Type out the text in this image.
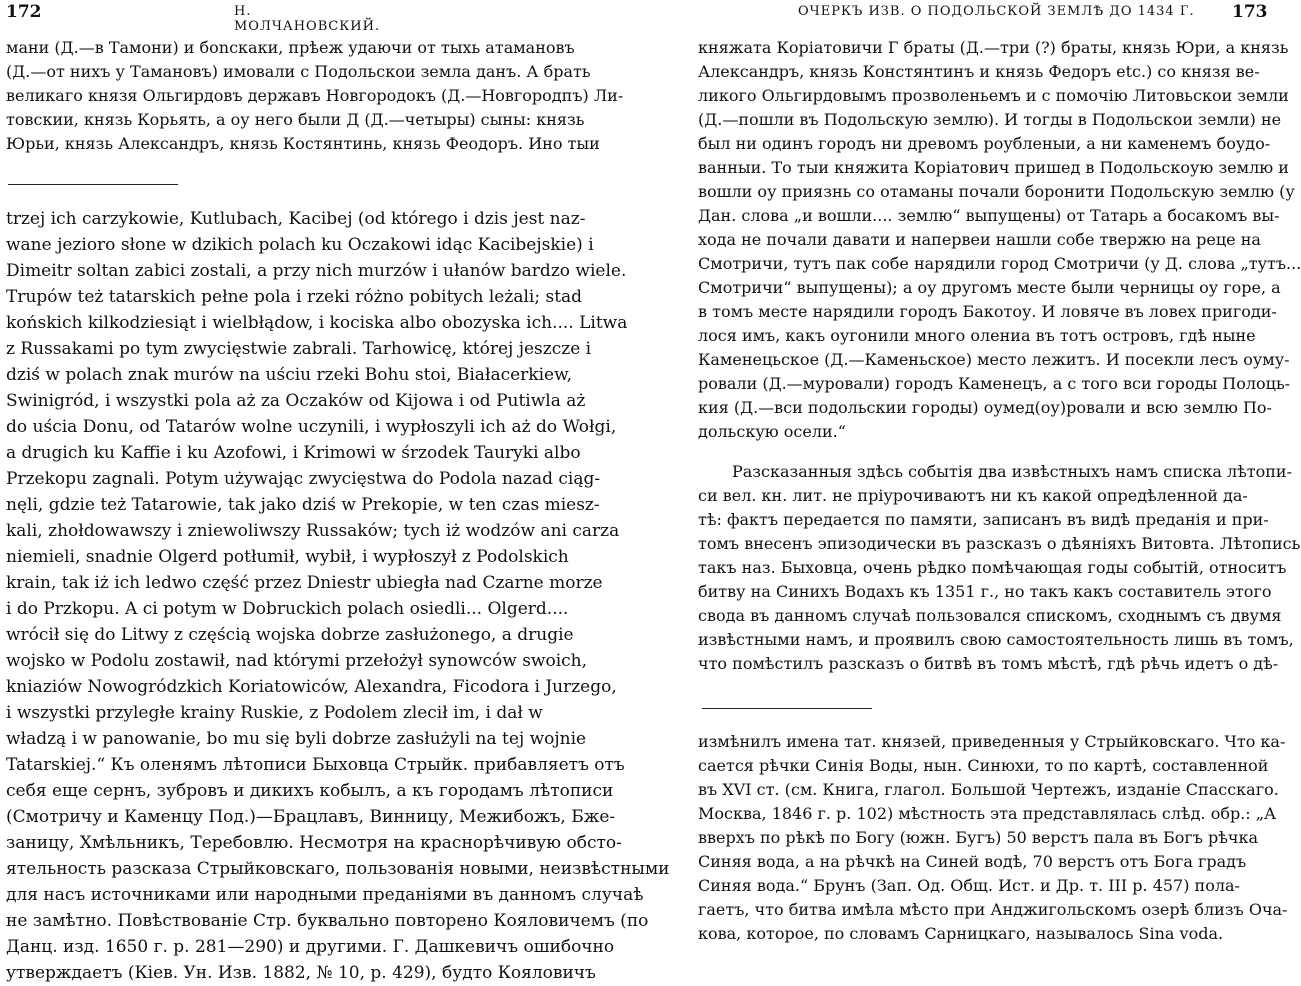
172	Н. МОЛЧАНОВСКИЙ.
мани (Д.—в Тамони) и бonскаки, прѣеж удаючи от тыхь атамановъ
(Д.—от нихъ у Тамановъ) имовали с Подольскои земла данъ. А брать
великаго князя Ольгирдовъ державъ Новгородокъ (Д.—Новгородпъ) Ли-
товскии, князь Корьять, а оу него были Д (Д.—четыры) сыны: князь
Юрьи, князь Александръ, князь Костянтинь, князь Феодоръ. Ино тыи
trzej ich carzykowie, Kutlubach, Kacibej (od którego i dzis jest naz-
wane jezioro słone w dzikich polach ku Oczakowi idąc Kacibejskie) i
Dimeitr soltan zabici zostali, a przy nich murzów i ułanów bardzo wiele.
Trupów też tatarskich pełne pola i rzeki różno pobitych leżali; stad
końskich kilkodziesiąt i wielbłądow, i kociska albo obozyska ich.... Litwa
z Russakami po tym zwycięstwie zabrali. Tarhowicę, której jeszcze i
dziś w polach znak murów na uściu rzeki Bohu stoi, Białacerkiew,
Swinigród, i wszystki pola aż za Oczaków od Kijowa i od Putiwla aż
do uścia Donu, od Tatarów wolne uczynili, i wypłoszyli ich aż do Wołgi,
a drugich ku Kaffie i ku Azofowi, i Krimowi w śrzodek Tauryki albo
Przekopu zagnali. Potym używając zwycięstwa do Podola nazad ciąg-
nęli, gdzie też Tatarowie, tak jako dziś w Prekopie, w ten czas miesz-
kali, zhołdowawszy i zniewoliwszy Russaków; tych iż wodzów ani carza
niemieli, snadnie Olgerd potłumił, wybił, i wypłoszył z Podolskich
krain, tak iż ich ledwo część przez Dniestr ubiegła nad Czarne morze
i do Przkopu. A ci potym w Dobruckich polach osiedli... Olgerd....
wrócił się do Litwy z częścią wojska dobrze zasłużonego, a drugie
wojsko w Podolu zostawił, nad którymi przełożył synowców swoich,
kniaziów Nowogródzkich Koriatowiców, Alexandra, Ficodora i Jurzego,
i wszystki przyległe krainy Ruskie, z Podolem zlecił im, i dał w
władzą i w panowanie, bo mu się byli dobrze zasłużyli na tej wojnie
Tatarskiej.“ Къ оленямъ лѣтописи Быховца Стрыйк. прибавляетъ отъ
себя еще сернъ, зубровъ и дикихъ кобылъ, а къ городамъ лѣтописи
(Смотричу и Каменцу Под.)—Брацлавъ, Винницу, Межибожъ, Бже-
заницу, Хмѣльникъ, Теребовлю. Несмотря на краснорѣчивую обсто-
ятельность разсказа Стрыйковскаго, пользованія новыми, неизвѣстными
для насъ источниками или народными преданіями въ данномъ случаѣ
не замѣтно. Повѣствованіе Стр. буквально повторено Кояловичемъ (по
Данц. изд. 1650 г. р. 281—290) и другими. Г. Дашкевичъ ошибочно
утверждаетъ (Кіев. Ун. Изв. 1882, № 10, р. 429), будто Кояловичъ
ОЧЕРКЪ ИЗВ. О ПОДОЛЬСКОЙ ЗЕМЛѢ ДО 1434 Г. 173
княжата Коріатовичи Г браты (Д.—три (?) браты, князь Юри, а князь
Александръ, князь Констянтинъ и князь Федоръ etc.) со князя ве-
ликого Ольгирдовымъ прозволеньемъ и с помочію Литовьскои земли
(Д.—пошли въ Подольскую землю). И тогды в Подольскои земли) не
был ни одинъ городъ ни древомъ роубленыи, а ни каменемъ боудо-
ванныи. То тыи княжита Коріатович пришед в Подольскоую землю и
вошли оу приязнь со отаманы почали боронити Подольскую землю (у
Дан. слова „и вошли.... землю“ выпущены) от Татарь а босакомъ вы-
хода не почали давати и напервеи нашли собе твержю на реце на
Смотричи, тутъ пак собе нарядили город Смотричи (у Д. слова „тутъ...
Смотричи“ выпущены); а оу другомъ месте были черницы оу горе, а
в томъ месте нарядили городъ Бакотоу. И ловяче въ ловех пригоди-
лося имъ, какъ оугонили много олениа въ тотъ островъ, гдѣ ныне
Каменецьское (Д.—Каменьское) место лежитъ. И посекли лесъ оуму-
ровали (Д.—муровали) городъ Каменецъ, а с того вси городы Полоць-
кия (Д.—вси подольскии городы) оумед(оу)ровали и всю землю По-
дольскую осели.“
Разсказанныя здѣсь событія два извѣстныхъ намъ списка лѣтопи-
си вел. кн. лит. не пріурочиваютъ ни къ какой опредѣленной да-
тѣ: фактъ передается по памяти, записанъ въ видѣ преданія и при-
томъ внесенъ эпизодически въ разсказъ о дѣяніяхъ Витовта. Лѣтопись
такъ наз. Быховца, очень рѣдко помѣчающая годы событій, относитъ
битву на Синихъ Водахъ къ 1351 г., но такъ какъ составитель этого
свода въ данномъ случаѣ пользовался спискомъ, сходнымъ съ двумя
извѣстными намъ, и проявилъ свою самостоятельность лишь въ томъ,
что помѣстилъ разсказъ о битвѣ въ томъ мѣстѣ, гдѣ рѣчь идетъ о дѣ-
измѣнилъ имена тат. князей, приведенныя у Стрыйковскаго. Что ка-
сается рѣчки Синія Воды, нын. Синюхи, то по картѣ, составленной
въ XVI ст. (см. Книга, глагол. Большой Чертежъ, изданіе Спасскаго.
Москва, 1846 г. р. 102) мѣстность эта представлялась слѣд. обр.: „А
вверхъ по рѣкѣ по Богу (южн. Бугъ) 50 верстъ пала въ Богъ рѣчка
Синяя вода, а на рѣчкѣ на Синей водѣ, 70 верстъ отъ Бога градъ
Синяя вода.“ Брунъ (Зап. Од. Общ. Ист. и Др. т. III р. 457) пола-
гаетъ, что битва имѣла мѣсто при Анджигольскомъ озерѣ близъ Оча-
кова, которое, по словамъ Сарницкаго, называлось Sina voda.
